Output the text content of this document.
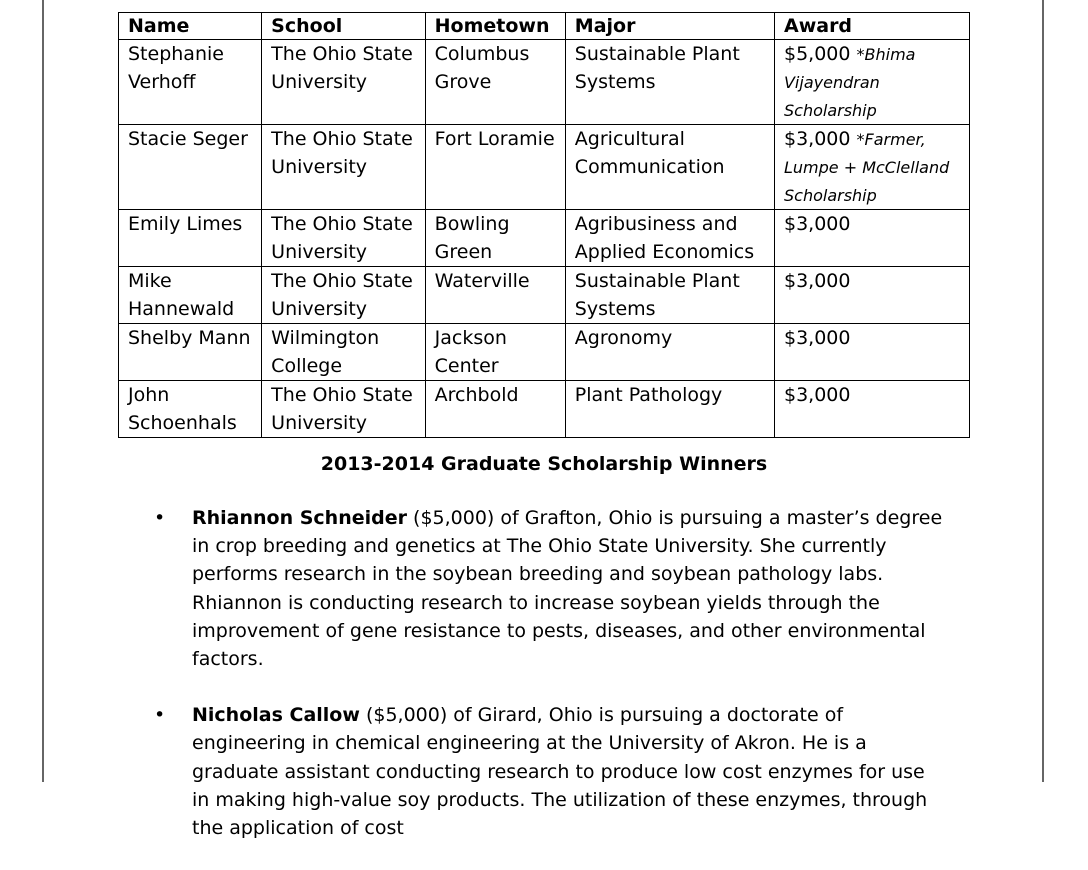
Name	School	Hometown	Major	Award
Stephanie Verhoff	The Ohio State University	Columbus Grove	Sustainable Plant Systems	$5,000 *Bhima Vijayendran Scholarship
Stacie Seger	The Ohio State University	Fort Loramie	Agricultural Communication	$3,000 *Farmer, Lumpe + McClelland Scholarship
Emily Limes	The Ohio State University	Bowling Green	Agribusiness and Applied Economics	$3,000
Mike Hannewald	The Ohio State University	Waterville	Sustainable Plant Systems	$3,000
Shelby Mann	Wilmington College	Jackson Center	Agronomy	$3,000
John Schoenhals	The Ohio State University	Archbold	Plant Pathology	$3,000
2013-2014 Graduate Scholarship Winners
• Rhiannon Schneider ($5,000) of Grafton, Ohio is pursuing a master’s degree in crop breeding and genetics at The Ohio State University. She currently performs research in the soybean breeding and soybean pathology labs. Rhiannon is conducting research to increase soybean yields through the improvement of gene resistance to pests, diseases, and other environmental factors.
• Nicholas Callow ($5,000) of Girard, Ohio is pursuing a doctorate of engineering in chemical engineering at the University of Akron. He is a graduate assistant conducting research to produce low cost enzymes for use in making high-value soy products. The utilization of these enzymes, through the application of cost
